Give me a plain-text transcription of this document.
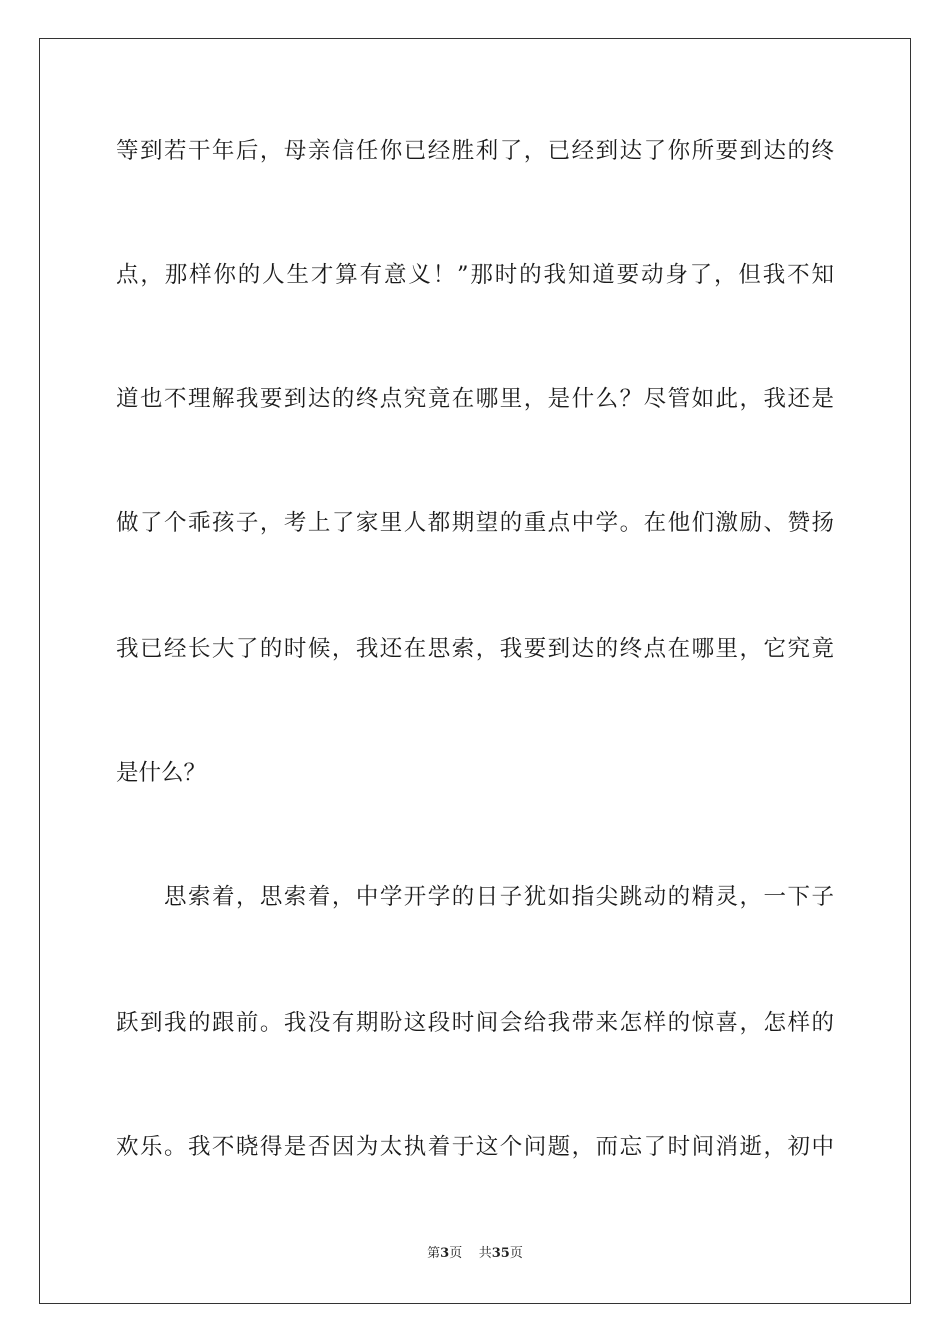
等到若干年后，母亲信任你已经胜利了，已经到达了你所要到达的终
点，那样你的人生才算有意义！”那时的我知道要动身了，但我不知
道也不理解我要到达的终点究竟在哪里，是什么？尽管如此，我还是
做了个乖孩子，考上了家里人都期望的重点中学。在他们激励、赞扬
我已经长大了的时候，我还在思索，我要到达的终点在哪里，它究竟
是什么？
思索着，思索着，中学开学的日子犹如指尖跳动的精灵，一下子
跃到我的跟前。我没有期盼这段时间会给我带来怎样的惊喜，怎样的
欢乐。我不晓得是否因为太执着于这个问题，而忘了时间消逝，初中
第3页 共35页
